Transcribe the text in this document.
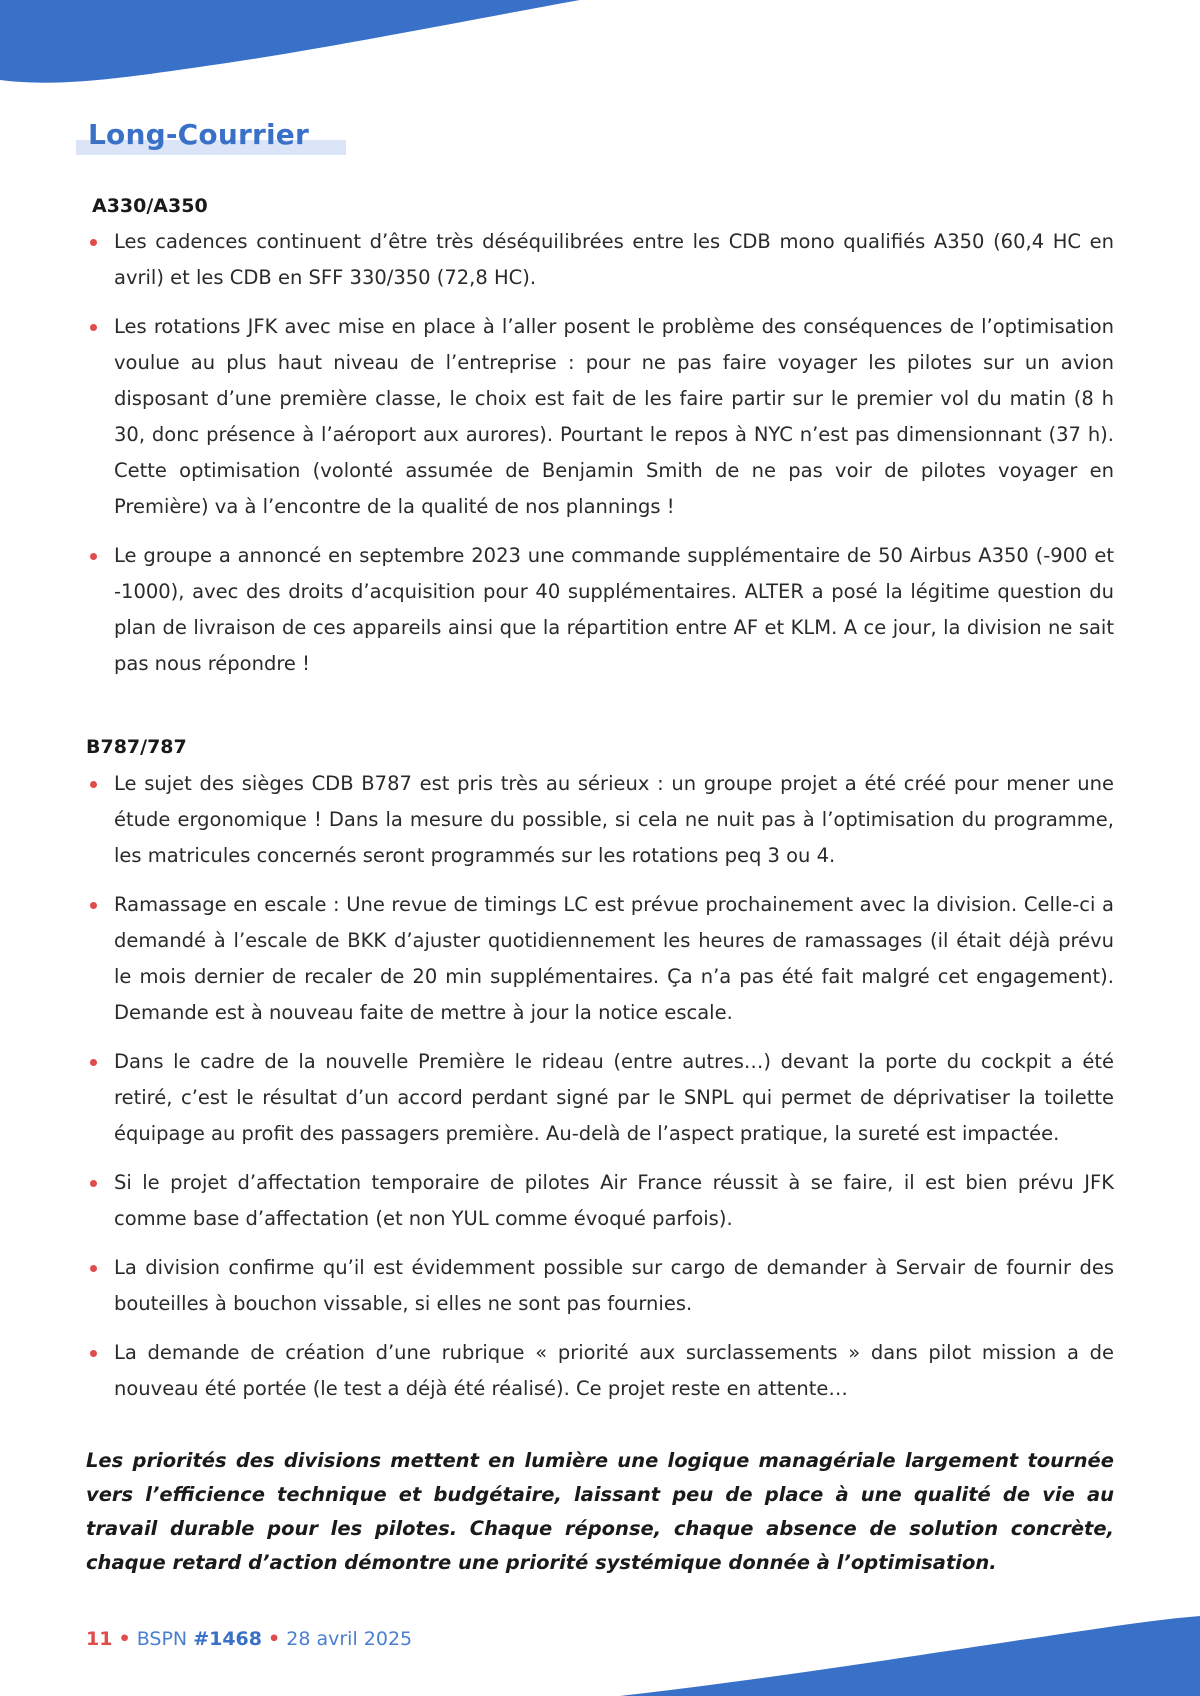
Long-Courrier
A330/A350
Les cadences continuent d’être très déséquilibrées entre les CDB mono qualifiés A350 (60,4 HC en avril) et les CDB en SFF 330/350 (72,8 HC).
Les rotations JFK avec mise en place à l’aller posent le problème des conséquences de l’optimisation voulue au plus haut niveau de l’entreprise : pour ne pas faire voyager les pilotes sur un avion disposant d’une première classe, le choix est fait de les faire partir sur le premier vol du matin (8 h 30, donc présence à l’aéroport aux aurores). Pourtant le repos à NYC n’est pas dimensionnant (37 h). Cette optimisation (volonté assumée de Benjamin Smith de ne pas voir de pilotes voyager en Première) va à l’encontre de la qualité de nos plannings !
Le groupe a annoncé en septembre 2023 une commande supplémentaire de 50 Airbus A350 (-900 et -1000), avec des droits d’acquisition pour 40 supplémentaires. ALTER a posé la légitime question du plan de livraison de ces appareils ainsi que la répartition entre AF et KLM. A ce jour, la division ne sait pas nous répondre !
B787/787
Le sujet des sièges CDB B787 est pris très au sérieux : un groupe projet a été créé pour mener une étude ergonomique ! Dans la mesure du possible, si cela ne nuit pas à l’optimisation du programme, les matricules concernés seront programmés sur les rotations peq 3 ou 4.
Ramassage en escale : Une revue de timings LC est prévue prochainement avec la division. Celle-ci a demandé à l’escale de BKK d’ajuster quotidiennement les heures de ramassages (il était déjà prévu le mois dernier de recaler de 20 min supplémentaires. Ça n’a pas été fait malgré cet engagement). Demande est à nouveau faite de mettre à jour la notice escale.
Dans le cadre de la nouvelle Première le rideau (entre autres…) devant la porte du cockpit a été retiré, c’est le résultat d’un accord perdant signé par le SNPL qui permet de déprivatiser la toilette équipage au profit des passagers première. Au-delà de l’aspect pratique, la sureté est impactée.
Si le projet d’affectation temporaire de pilotes Air France réussit à se faire, il est bien prévu JFK comme base d’affectation (et non YUL comme évoqué parfois).
La division confirme qu’il est évidemment possible sur cargo de demander à Servair de fournir des bouteilles à bouchon vissable, si elles ne sont pas fournies.
La demande de création d’une rubrique « priorité aux surclassements » dans pilot mission a de nouveau été portée (le test a déjà été réalisé). Ce projet reste en attente…

Les priorités des divisions mettent en lumière une logique managériale largement tournée vers l’efficience technique et budgétaire, laissant peu de place à une qualité de vie au travail durable pour les pilotes. Chaque réponse, chaque absence de solution concrète, chaque retard d’action démontre une priorité systémique donnée à l’optimisation.

11 • BSPN #1468 • 28 avril 2025
